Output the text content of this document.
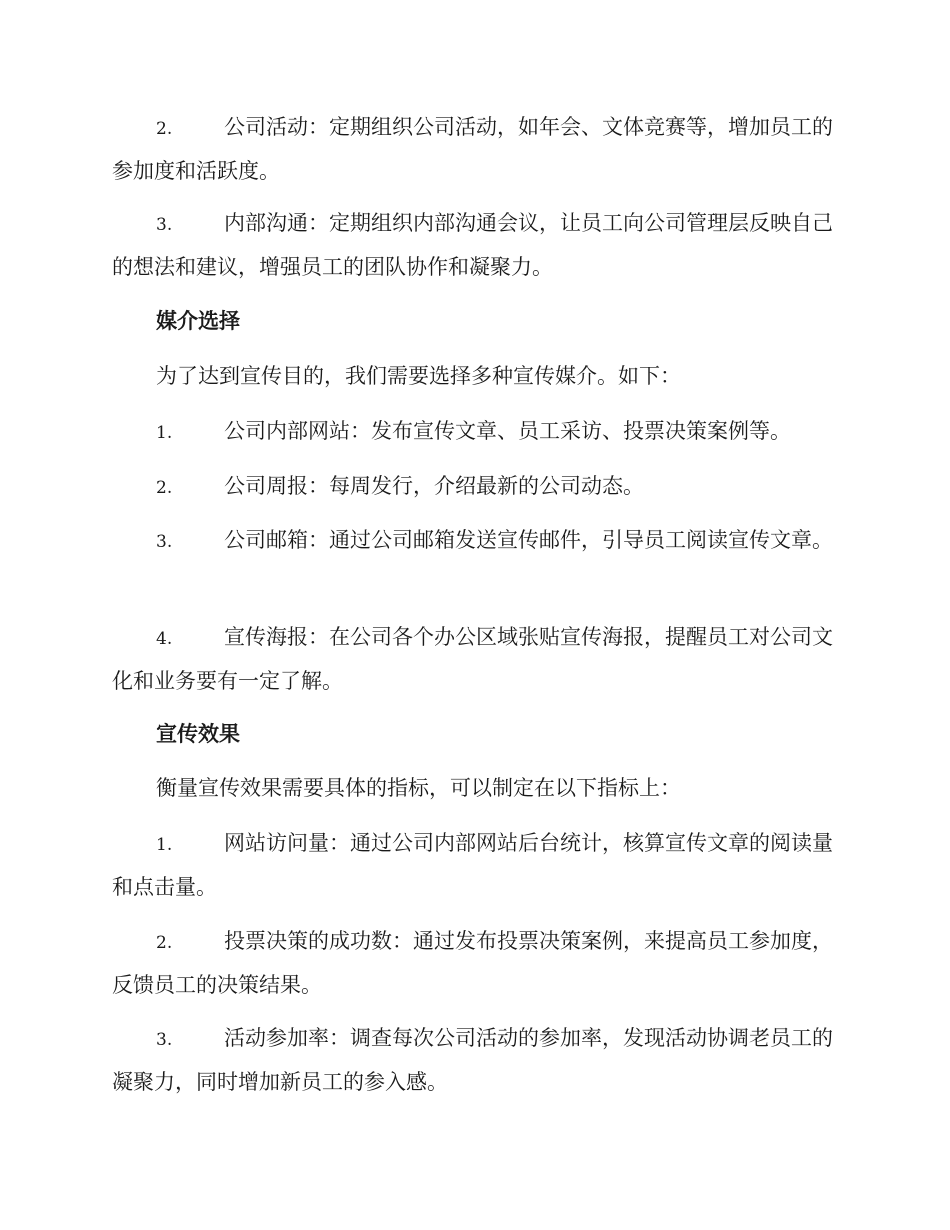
2. 公司活动：定期组织公司活动，如年会、文体竞赛等，增加员工的参加度和活跃度。
3. 内部沟通：定期组织内部沟通会议，让员工向公司管理层反映自己的想法和建议，增强员工的团队协作和凝聚力。
媒介选择
为了达到宣传目的，我们需要选择多种宣传媒介。如下：
1. 公司内部网站：发布宣传文章、员工采访、投票决策案例等。
2. 公司周报：每周发行，介绍最新的公司动态。
3. 公司邮箱：通过公司邮箱发送宣传邮件，引导员工阅读宣传文章。
4. 宣传海报：在公司各个办公区域张贴宣传海报，提醒员工对公司文化和业务要有一定了解。
宣传效果
衡量宣传效果需要具体的指标，可以制定在以下指标上：
1. 网站访问量：通过公司内部网站后台统计，核算宣传文章的阅读量和点击量。
2. 投票决策的成功数：通过发布投票决策案例，来提高员工参加度，反馈员工的决策结果。
3. 活动参加率：调查每次公司活动的参加率，发现活动协调老员工的凝聚力，同时增加新员工的参入感。
